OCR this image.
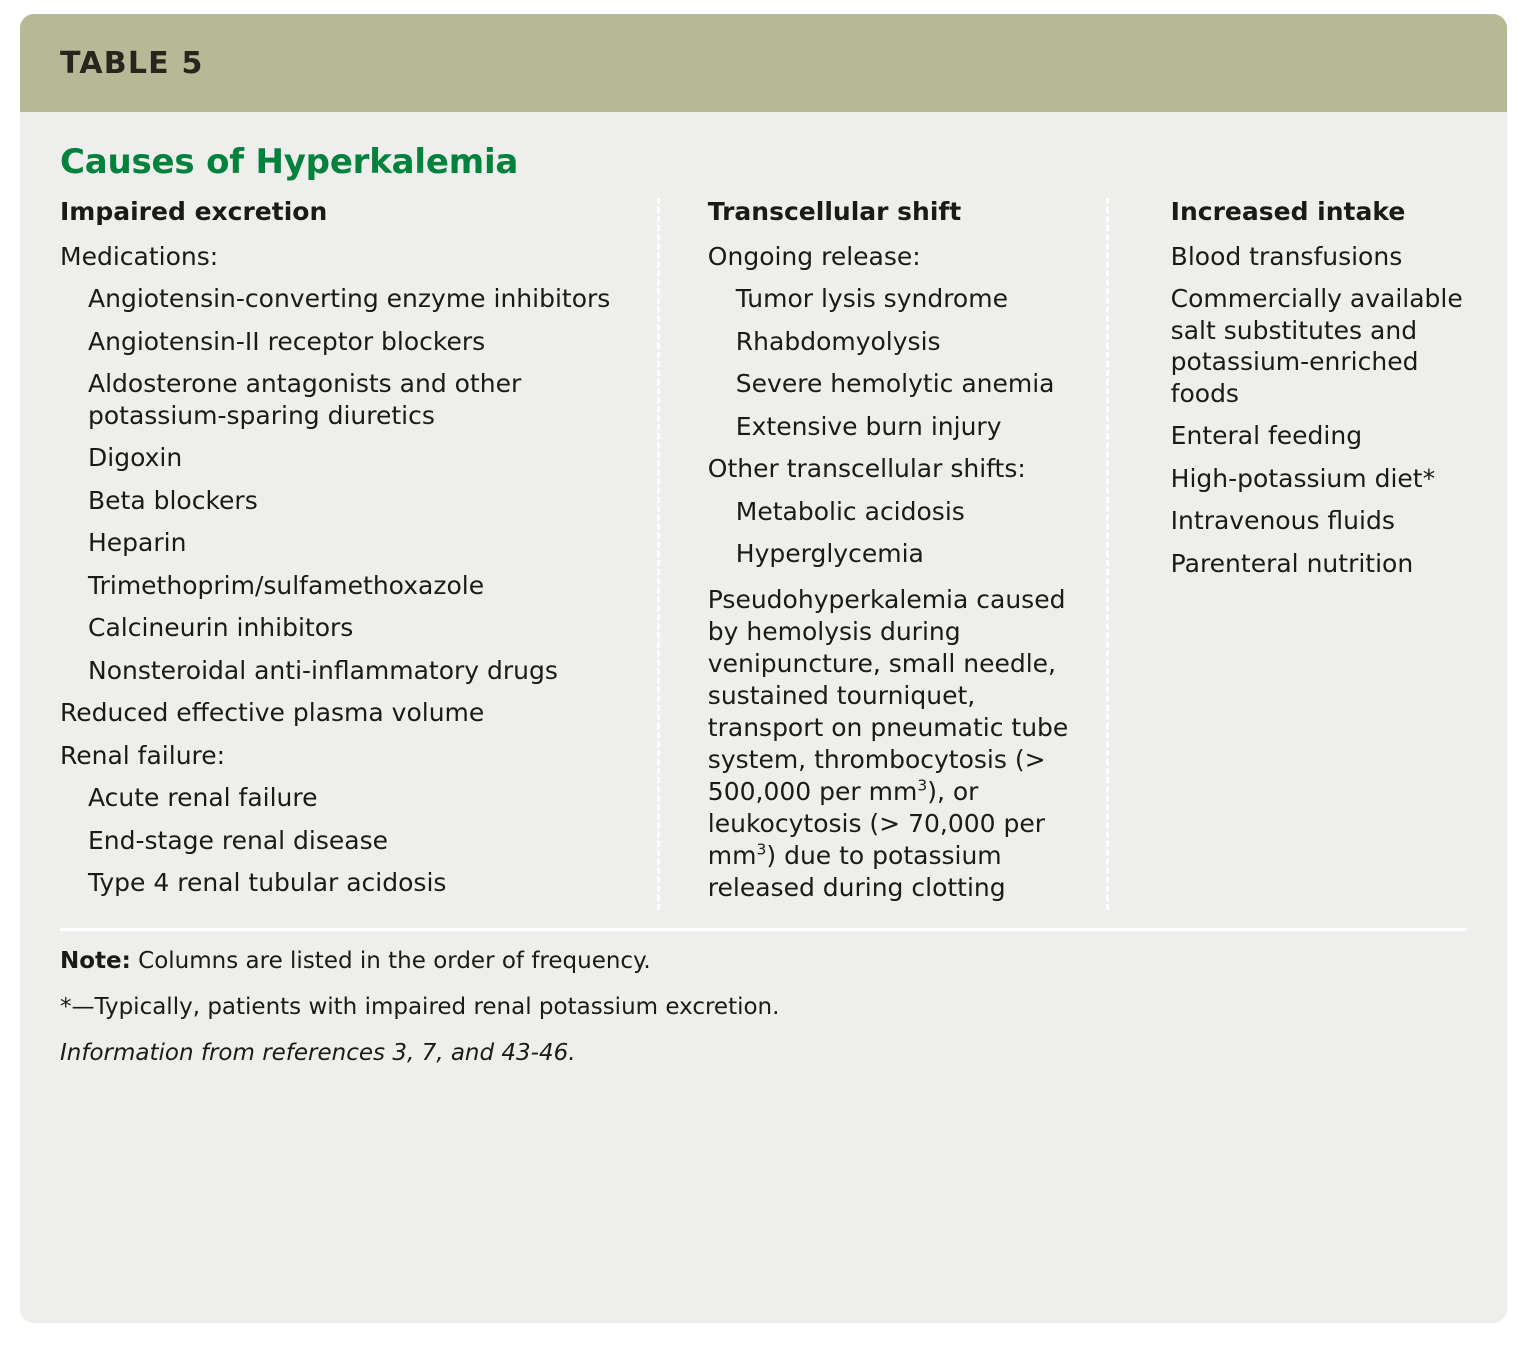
TABLE 5
Causes of Hyperkalemia
Impaired excretion
Medications:
Angiotensin-converting enzyme inhibitors
Angiotensin-II receptor blockers
Aldosterone antagonists and other potassium-sparing diuretics
Digoxin
Beta blockers
Heparin
Trimethoprim/sulfamethoxazole
Calcineurin inhibitors
Nonsteroidal anti-inflammatory drugs
Reduced effective plasma volume
Renal failure:
Acute renal failure
End-stage renal disease
Type 4 renal tubular acidosis
Transcellular shift
Ongoing release:
Tumor lysis syndrome
Rhabdomyolysis
Severe hemolytic anemia
Extensive burn injury
Other transcellular shifts:
Metabolic acidosis
Hyperglycemia
Pseudohyperkalemia caused by hemolysis during venipuncture, small needle, sustained tourniquet, transport on pneumatic tube system, thrombocytosis (> 500,000 per $mm^3$), or leukocytosis (> 70,000 per $mm^3$) due to potassium released during clotting
Increased intake
Blood transfusions
Commercially available salt substitutes and potassium-enriched foods
Enteral feeding
High-potassium diet*
Intravenous fluids
Parenteral nutrition
Note: Columns are listed in the order of frequency.
*—Typically, patients with impaired renal potassium excretion.
Information from references 3, 7, and 43-46.
